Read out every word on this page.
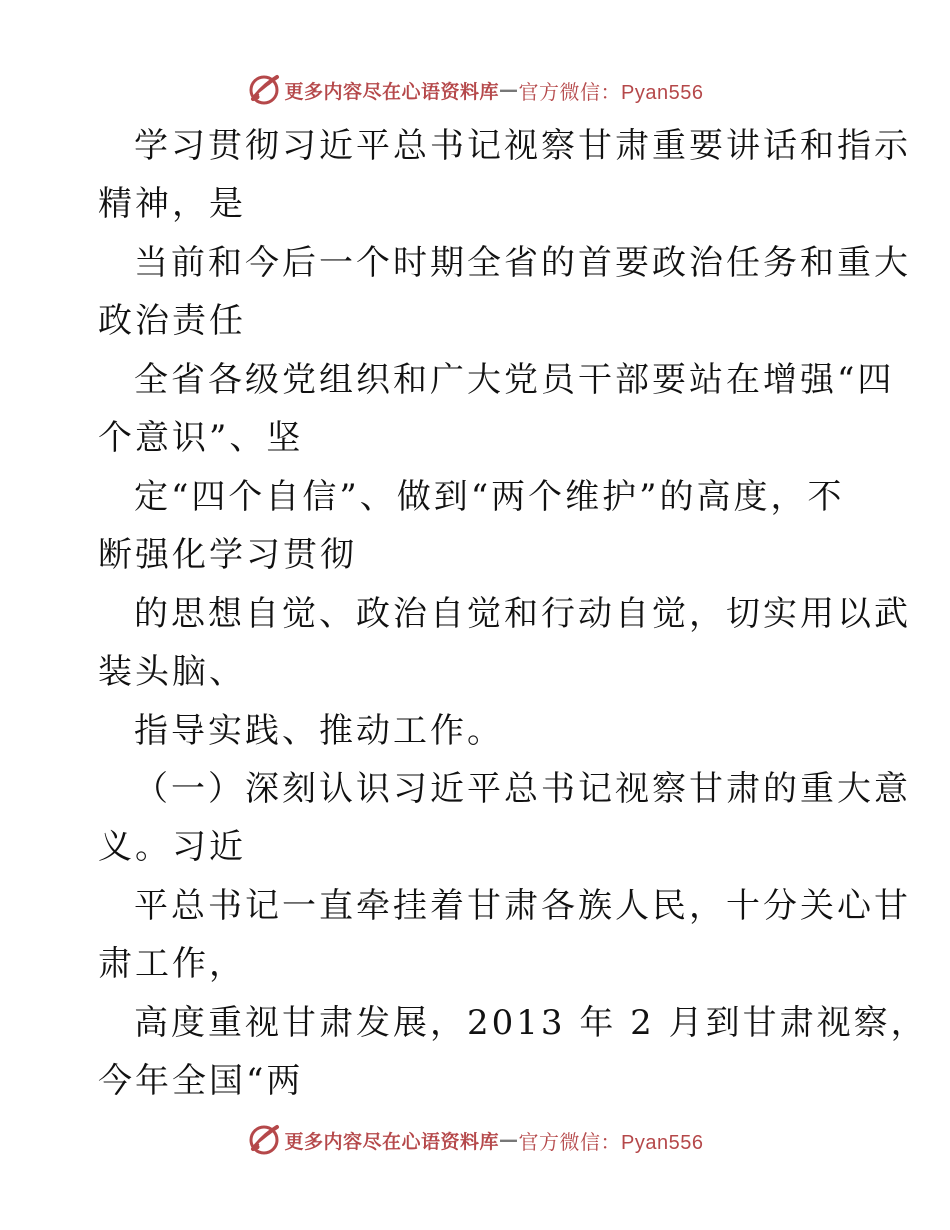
更多内容尽在心语资料库 — 官方微信：Pyan556
学习贯彻习近平总书记视察甘肃重要讲话和指示
精神，是
当前和今后一个时期全省的首要政治任务和重大
政治责任
全省各级党组织和广大党员干部要站在增强“四
个意识”、坚
定“四个自信”、做到“两个维护”的高度，不
断强化学习贯彻
的思想自觉、政治自觉和行动自觉，切实用以武
装头脑、
指导实践、推动工作。
（一）深刻认识习近平总书记视察甘肃的重大意
义。习近
平总书记一直牵挂着甘肃各族人民，十分关心甘
肃工作，
高度重视甘肃发展，2013 年 2 月到甘肃视察，
今年全国“两
更多内容尽在心语资料库 — 官方微信：Pyan556
